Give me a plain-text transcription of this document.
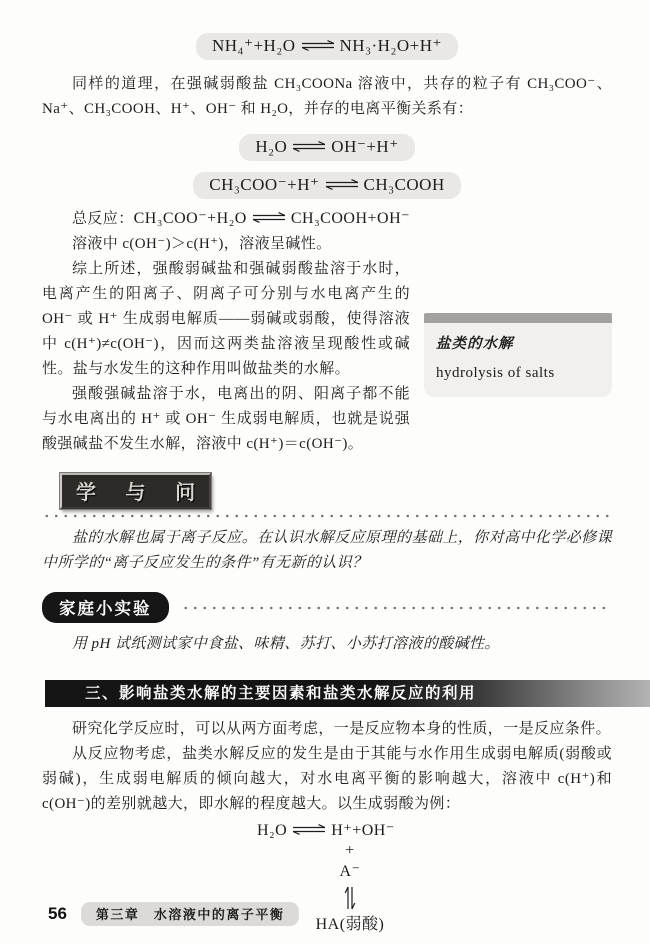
NH₄⁺+H₂O ⇌ NH₃·H₂O+H⁺

同样的道理，在强碱弱酸盐 CH₃COONa 溶液中，共存的粒子有 CH₃COO⁻、Na⁺、CH₃COOH、H⁺、OH⁻ 和 H₂O，并存的电离平衡关系有：

H₂O ⇌ OH⁻+H⁺
CH₃COO⁻+H⁺ ⇌ CH₃COOH

总反应：CH₃COO⁻+H₂O ⇌ CH₃COOH+OH⁻

溶液中 c(OH⁻)＞c(H⁺)，溶液呈碱性。

盐类的水解
hydrolysis of salts
综上所述，强酸弱碱盐和强碱弱酸盐溶于水时，电离产生的阳离子、阴离子可分别与水电离产生的 OH⁻ 或 H⁺ 生成弱电解质——弱碱或弱酸，使得溶液中 c(H⁺)≠c(OH⁻)，因而这两类盐溶液呈现酸性或碱性。盐与水发生的这种作用叫做盐类的水解。

强酸强碱盐溶于水，电离出的阴、阳离子都不能与水电离出的 H⁺ 或 OH⁻ 生成弱电解质，也就是说强酸强碱盐不发生水解，溶液中 c(H⁺)＝c(OH⁻)。

学 与 问

盐的水解也属于离子反应。在认识水解反应原理的基础上，你对高中化学必修课中所学的“离子反应发生的条件”有无新的认识？

家庭小实验

用 pH 试纸测试家中食盐、味精、苏打、小苏打溶液的酸碱性。

三、影响盐类水解的主要因素和盐类水解反应的利用

研究化学反应时，可以从两方面考虑，一是反应物本身的性质，一是反应条件。

从反应物考虑，盐类水解反应的发生是由于其能与水作用生成弱电解质(弱酸或弱碱)，生成弱电解质的倾向越大，对水电离平衡的影响越大，溶液中 c(H⁺)和 c(OH⁻)的差别就越大，即水解的程度越大。以生成弱酸为例：

H₂O ⇌ H⁺+OH⁻
+
A⁻
HA(弱酸)
56	第三章　水溶液中的离子平衡
